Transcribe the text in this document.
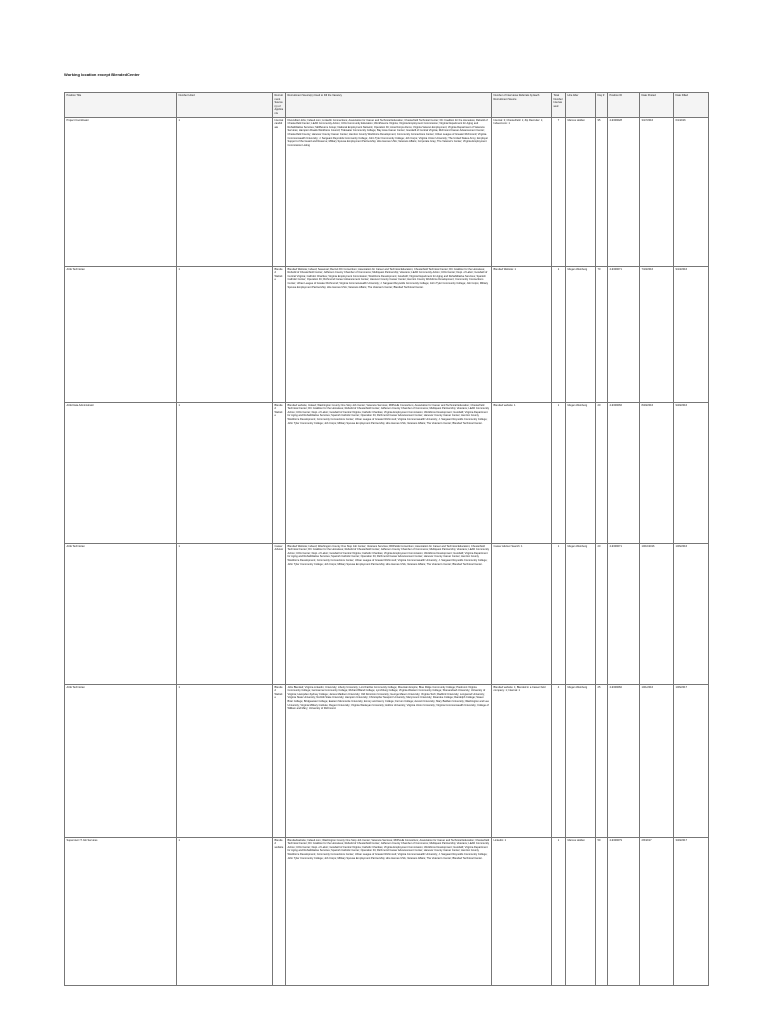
Working location except BlendedCenter
Position Title	Number Hired	Recruitment Source(s) of Applicants	Recruitment Source(s) Used to Fill the Vacancy	Number of Interviews Referrals by Each Recruitment Source	Total Number Interviewed	Hire After	Day #	Position ID	Date Posted	Date Filled
Project Coordinator	1	Internal candidate	Diversified Jobs; Indeed.com; LinkedIn Connections; Association for Career and Technical Education; Chesterfield Technical Center; DC Coalition for the Homeless; Rebuild of Chesterfield Center; LEAD Community Action; UOA Community Education; WorkSource Virginia; Virginia Employment Commission; Virginia Department for Aging and Rehabilitative Services; SkillSource Group; National Employment Network; Operation Fit; AmeriCorps Alums; Virginia Veteran Employment; Virginia Department of Veterans Services; Hampton Roads Workforce Council; Tidewater Community College; Bay Area Career Center; Goodwill of Central Virginia; Richmond Career Advancement Center; Chesterfield County; Hanover County Career Center; Henrico County Workforce Development; Community Connections Center; Urban League of Greater Richmond; Virginia Commonwealth University; J. Sargeant Reynolds Community College; John Tyler Community College; Job Corps; Virginia Union University; The United States Army; Employer Support of the Guard and Reserve; Military Spouse Employment Partnership; Hire Heroes USA; Veterans Affairs; Corporate Gray; The Veteran's Center; Virginia Employment Commission Listing	Internal: 3; Chesterfield: 1; Zip Recruiter: 1; Indeed.com: 1	7	Marcus Holden	95	4-9309028	3/17/2016	6/1/2016
ACE Technician	1	Blended Website	Blended Website; Indeed; Seasonal; Recruit DC Consortium; Association for Career and Technical Education; Chesterfield Technical Center; DC Coalition for the Homeless; Rebuild of Chesterfield Center; Jefferson County Chamber of Commerce; Multiquest Partnership; Veterans; LEAD Community Action; UOA Center; Dept. of Labor; Goodwill of Central Virginia; Catholic Charities; Virginia Employment Commission; Workforce Development; Goodwill; Virginia Department for Aging and Rehabilitative Services; Spanish Catholic Center; Operation Fit; Richmond Career Advancement Center; Hanover County Career Center; Henrico County Workforce Development; Community Connections Center; Urban League of Greater Richmond; Virginia Commonwealth University; J. Sargeant Reynolds Community College; John Tyler Community College; Job Corps; Military Spouse Employment Partnership; Hire Heroes USA; Veterans Affairs; The Veteran's Center; Blended Technical Center.	Blended Website: 1	1	Megan Weinberg	70	4-9309071	7/10/2016	9/13/2016
ACE Data Administrator	1	Blended Website	Blended website; Indeed; Washington County One Stop Job Center; Veterans Services; RDPeHE Consortium; Association for Career and Technical Education; Chesterfield Technical Center; DC Coalition for the Homeless; Rebuild of Chesterfield Center; Jefferson County Chamber of Commerce; Multiquest Partnership; Veterans; LEAD Community Action; UOA Center; Dept. of Labor; Goodwill of Central Virginia; Catholic Charities; Virginia Employment Commission; Workforce Development; Goodwill; Virginia Department for Aging and Rehabilitative Services; Spanish Catholic Center; Operation Fit; Richmond Career Advancement Center; Hanover County Career Center; Henrico County Workforce Development; Community Connections Center; Urban League of Greater Richmond; Virginia Commonwealth University; J. Sargeant Reynolds Community College; John Tyler Community College; Job Corps; Military Spouse Employment Partnership; Hire Heroes USA; Veterans Affairs; The Veteran's Center; Blended Technical Center.	Blended website: 1	1	Megan Weinberg	20	4-9309066	8/29/2016	9/29/2016
ACE Technician	1	Career Advisor	Blended Website; Indeed; Washington County One Stop Job Center; Veterans Services; RDPeHE Consortium; Association for Career and Technical Education; Chesterfield Technical Center; DC Coalition for the Homeless; Rebuild of Chesterfield Center; Jefferson County Chamber of Commerce; Multiquest Partnership; Veterans; LEAD Community Action; UOA Center; Dept. of Labor; Goodwill of Central Virginia; Catholic Charities; Virginia Employment Commission; Workforce Development; Goodwill; Virginia Department for Aging and Rehabilitative Services; Spanish Catholic Center; Operation Fit; Richmond Career Advancement Center; Hanover County Career Center; Henrico County Workforce Development; Community Connections Center; Urban League of Greater Richmond; Virginia Commonwealth University; J. Sargeant Reynolds Community College; John Tyler Community College; Job Corps; Military Spouse Employment Partnership; Hire Heroes USA; Veterans Affairs; The Veteran's Center; Blended Technical Center.	Career Advisor Search: 1	1	Megan Weinberg	20	4-9309071	10/10/2016	10/6/2016
ACE Technician	1	Blended Website	Jobs Blended; Virginia Linkedin; University; Liberty University; Lord Fairfax Community College; Mountain Empire; Blue Ridge Community College; Piedmont Virginia Community College; Germanna Community College; Richard Bland College; Lynchburg College; Virginia Western Community College; Shenandoah University; University of Virginia; Hampden-Sydney College; James Madison University; Old Dominion University; George Mason University; Virginia Tech; Radford University; Longwood University; Virginia State University; Norfolk State University; Hampton University; Christopher Newport University; Marymount University; Roanoke College; Randolph College; Sweet Briar College; Bridgewater College; Eastern Mennonite University; Emory and Henry College; Ferrum College; Averett University; Mary Baldwin University; Washington and Lee University; Virginia Military Institute; Regent University; Virginia Wesleyan University; Hollins University; Virginia Union University; Virginia Commonwealth University; College of William and Mary; University of Richmond.	Blended website: 1; Blended in a Career field company: 1; Internal: 1	4	Megan Weinberg	25	4-9309082	10/1/2016	10/6/2017
Supervisor IT Job Services	1	Blended website	Blendedwebsite; Indeed.com; Washington County One Stop Job Center; Veterans Services; RDPeHE Consortium; Association for Career and Technical Education; Chesterfield Technical Center; DC Coalition for the Homeless; Rebuild of Chesterfield Center; Jefferson County Chamber of Commerce; Multiquest Partnership; Veterans; LEAD Community Action; UOA Center; Dept. of Labor; Goodwill of Central Virginia; Catholic Charities; Virginia Employment Commission; Workforce Development; Goodwill; Virginia Department for Aging and Rehabilitative Services; Spanish Catholic Center; Operation Fit; Richmond Career Advancement Center; Hanover County Career Center; Henrico County Workforce Development; Community Connections Center; Urban League of Greater Richmond; Virginia Commonwealth University; J. Sargeant Reynolds Community College; John Tyler Community College; Job Corps; Military Spouse Employment Partnership; Hire Heroes USA; Veterans Affairs; The Veteran's Center; Blended Technical Center.	Linkedin: 1	1	Marcus Holden	59	4-9309079	2/5/2017	3/29/2017
